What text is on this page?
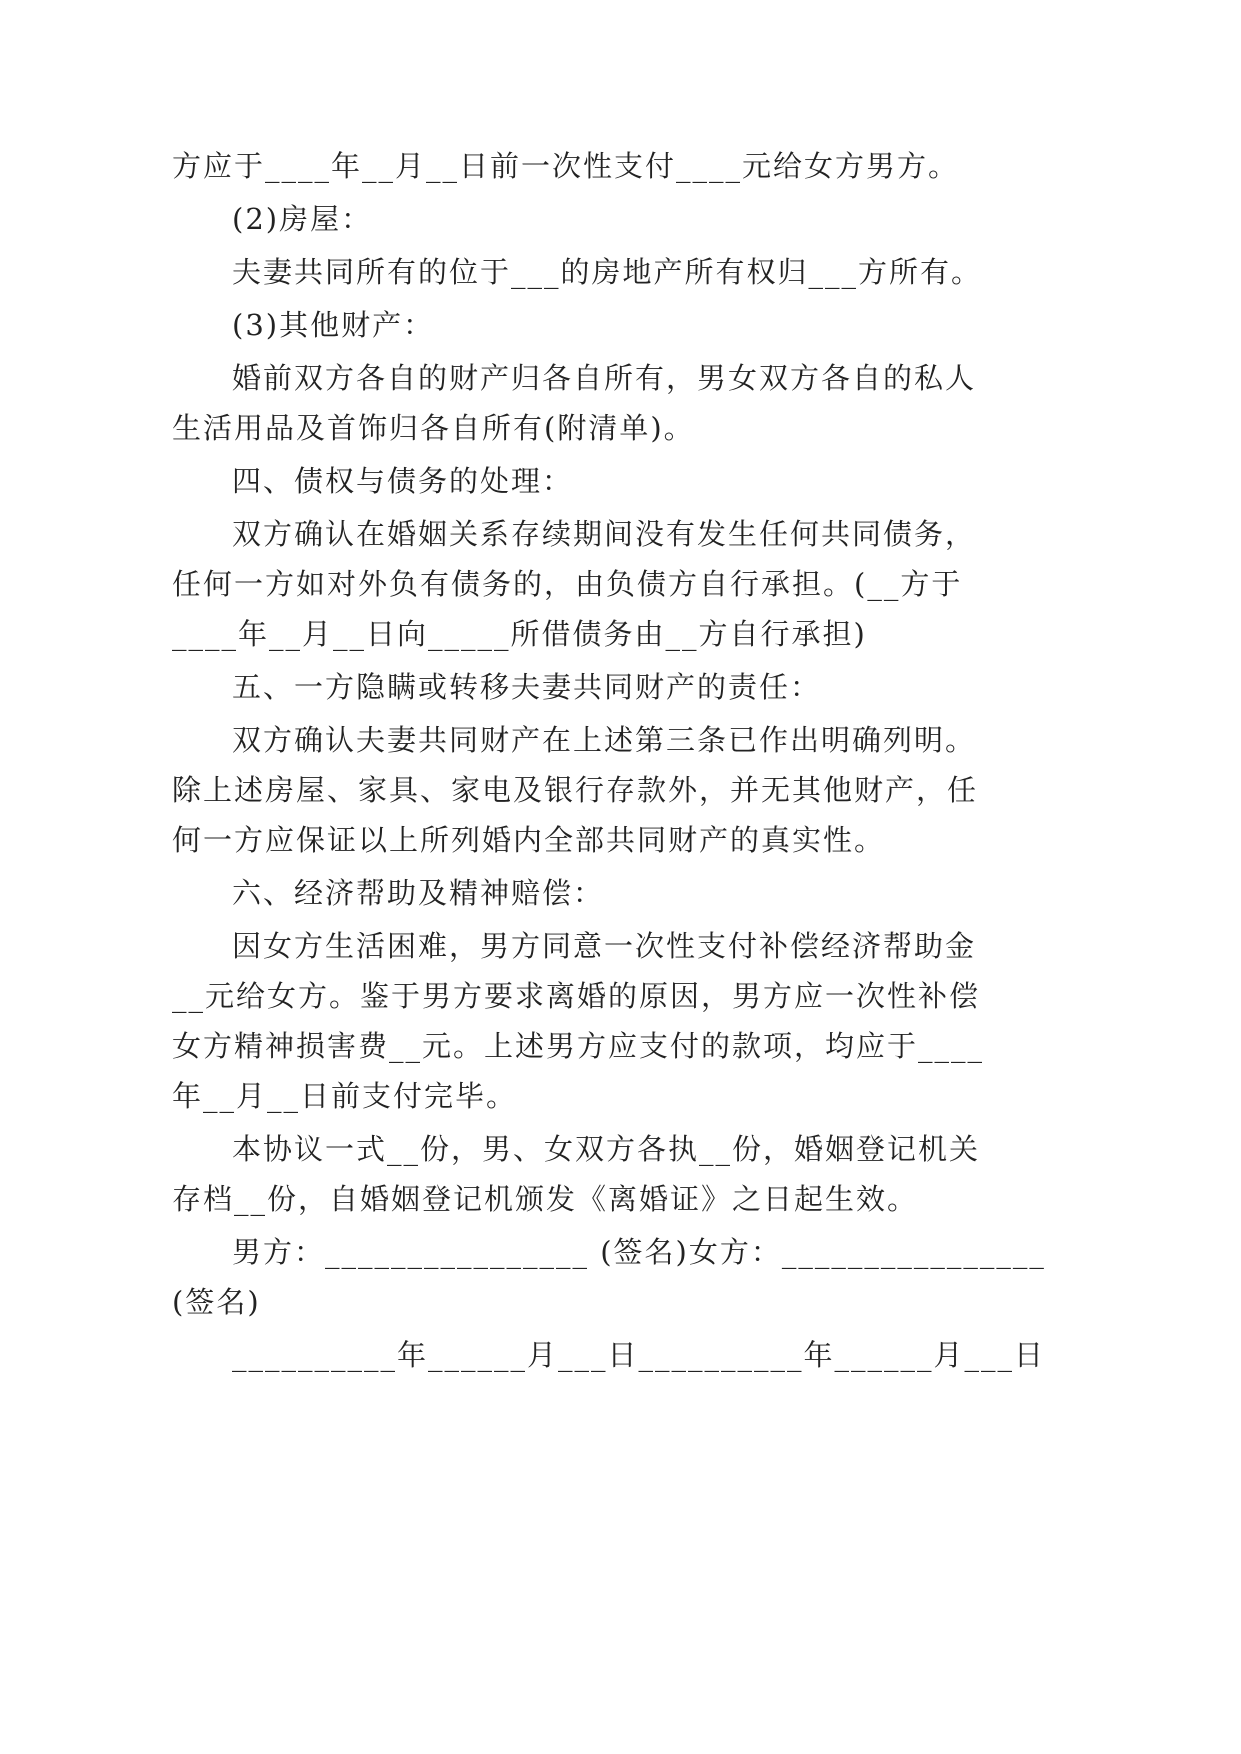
方应于____年__月__日前一次性支付____元给女方男方。

(2)房屋：

夫妻共同所有的位于___的房地产所有权归___方所有。

(3)其他财产：

婚前双方各自的财产归各自所有，男女双方各自的私人

生活用品及首饰归各自所有(附清单)。

四、债权与债务的处理：

双方确认在婚姻关系存续期间没有发生任何共同债务，

任何一方如对外负有债务的，由负债方自行承担。(__方于

____年__月__日向_____所借债务由__方自行承担)

五、一方隐瞒或转移夫妻共同财产的责任：

双方确认夫妻共同财产在上述第三条已作出明确列明。

除上述房屋、家具、家电及银行存款外，并无其他财产，任

何一方应保证以上所列婚内全部共同财产的真实性。

六、经济帮助及精神赔偿：

因女方生活困难，男方同意一次性支付补偿经济帮助金

__元给女方。鉴于男方要求离婚的原因，男方应一次性补偿

女方精神损害费__元。上述男方应支付的款项，均应于____

年__月__日前支付完毕。

本协议一式__份，男、女双方各执__份，婚姻登记机关

存档__份，自婚姻登记机颁发《离婚证》之日起生效。

男方：________________ (签名)女方：________________

(签名)

__________年______月___日__________年______月___日
